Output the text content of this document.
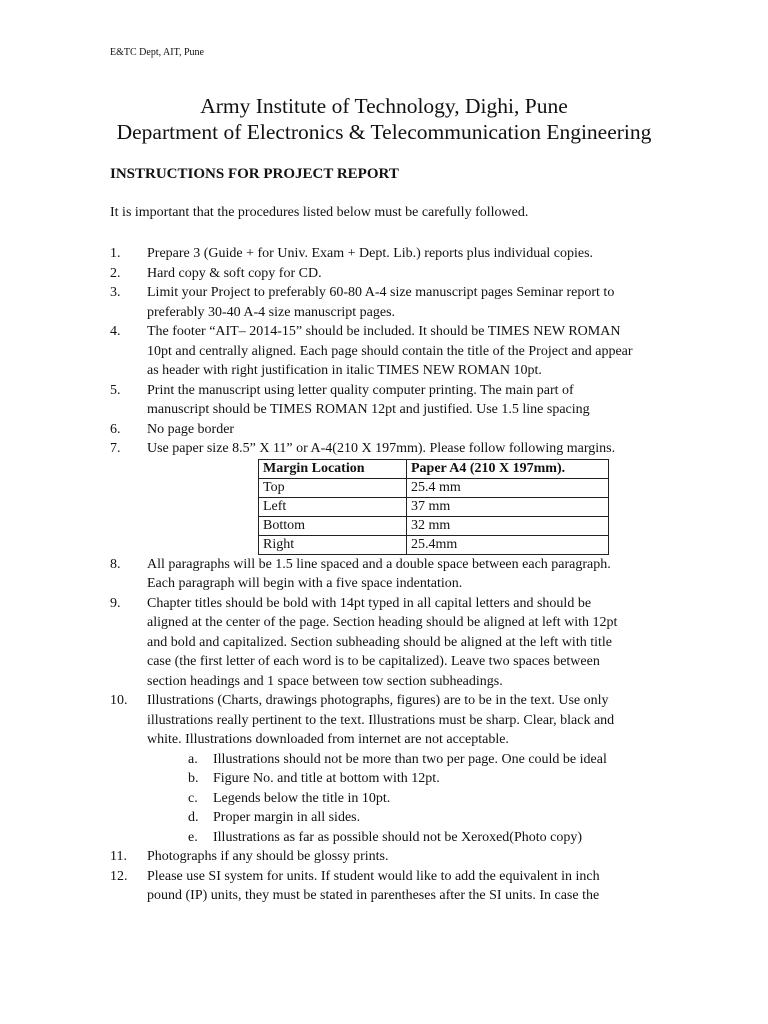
E&TC Dept, AIT, Pune
Army Institute of Technology, Dighi, Pune
Department of Electronics & Telecommunication Engineering
INSTRUCTIONS FOR PROJECT REPORT
It is important that the procedures listed below must be carefully followed.
1.	Prepare 3 (Guide + for Univ. Exam + Dept. Lib.) reports plus individual copies.
2.	Hard copy & soft copy for CD.
3.	Limit your Project to preferably 60-80 A-4 size manuscript pages Seminar report to
preferably 30-40 A-4 size manuscript pages.
4.	The footer “AIT– 2014-15” should be included. It should be TIMES NEW ROMAN
10pt and centrally aligned. Each page should contain the title of the Project and appear
as header with right justification in italic TIMES NEW ROMAN 10pt.
5.	Print the manuscript using letter quality computer printing. The main part of
manuscript should be TIMES ROMAN 12pt and justified. Use 1.5 line spacing
6.	No page border
7.	Use paper size 8.5” X 11” or A-4(210 X 197mm). Please follow following margins.
Margin Location	Paper A4 (210 X 197mm).
Top	25.4 mm
Left	37 mm
Bottom	32 mm
Right	25.4mm
8.	All paragraphs will be 1.5 line spaced and a double space between each paragraph.
Each paragraph will begin with a five space indentation.
9.	Chapter titles should be bold with 14pt typed in all capital letters and should be
aligned at the center of the page. Section heading should be aligned at left with 12pt
and bold and capitalized. Section subheading should be aligned at the left with title
case (the first letter of each word is to be capitalized). Leave two spaces between
section headings and 1 space between tow section subheadings.
10.	Illustrations (Charts, drawings photographs, figures) are to be in the text. Use only
illustrations really pertinent to the text. Illustrations must be sharp. Clear, black and
white. Illustrations downloaded from internet are not acceptable.
a.	Illustrations should not be more than two per page. One could be ideal
b.	Figure No. and title at bottom with 12pt.
c.	Legends below the title in 10pt.
d.	Proper margin in all sides.
e.	Illustrations as far as possible should not be Xeroxed(Photo copy)
11.	Photographs if any should be glossy prints.
12.	Please use SI system for units. If student would like to add the equivalent in inch
pound (IP) units, they must be stated in parentheses after the SI units. In case the
